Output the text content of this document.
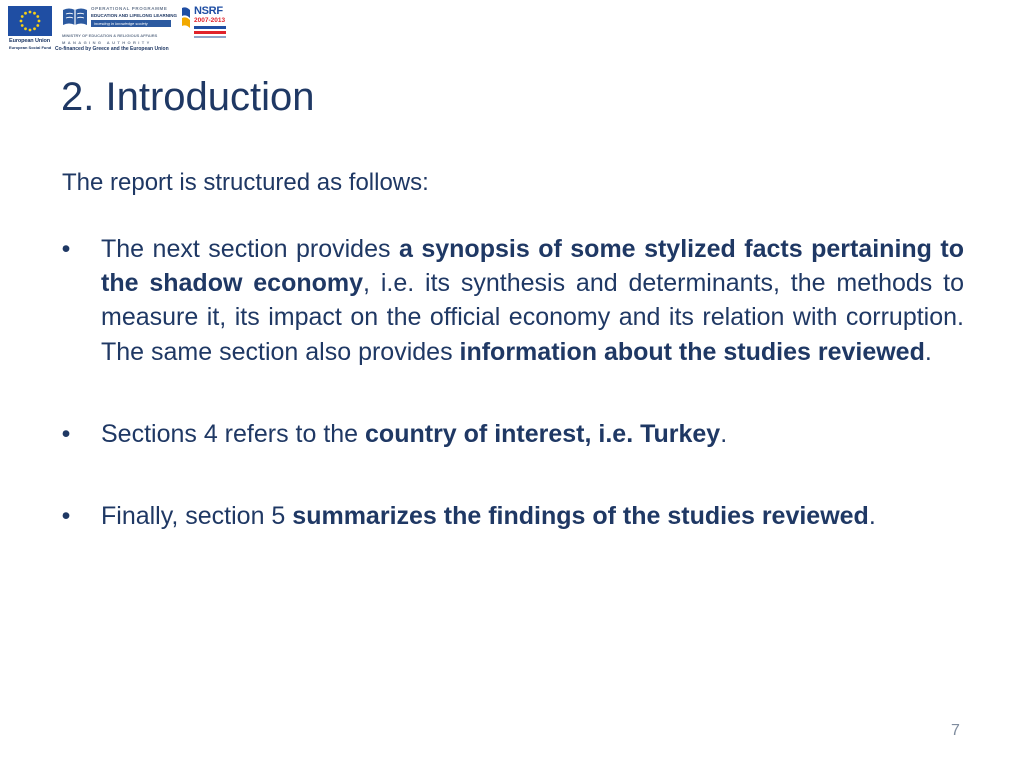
European Union
European Social Fund
OPERATIONAL PROGRAMME
EDUCATION AND LIFELONG LEARNING
investing in knowledge society
MINISTRY OF EDUCATION & RELIGIOUS AFFAIRS
MANAGING AUTHORITY
Co-financed by Greece and the European Union
NSRF
2007-2013
2. Introduction

The report is structured as follows:

• The next section provides a synopsis of some stylized facts pertaining to the shadow economy, i.e. its synthesis and determinants, the methods to measure it, its impact on the official economy and its relation with corruption. The same section also provides information about the studies reviewed.

• Sections 4 refers to the country of interest, i.e. Turkey.

• Finally, section 5 summarizes the findings of the studies reviewed.

7
